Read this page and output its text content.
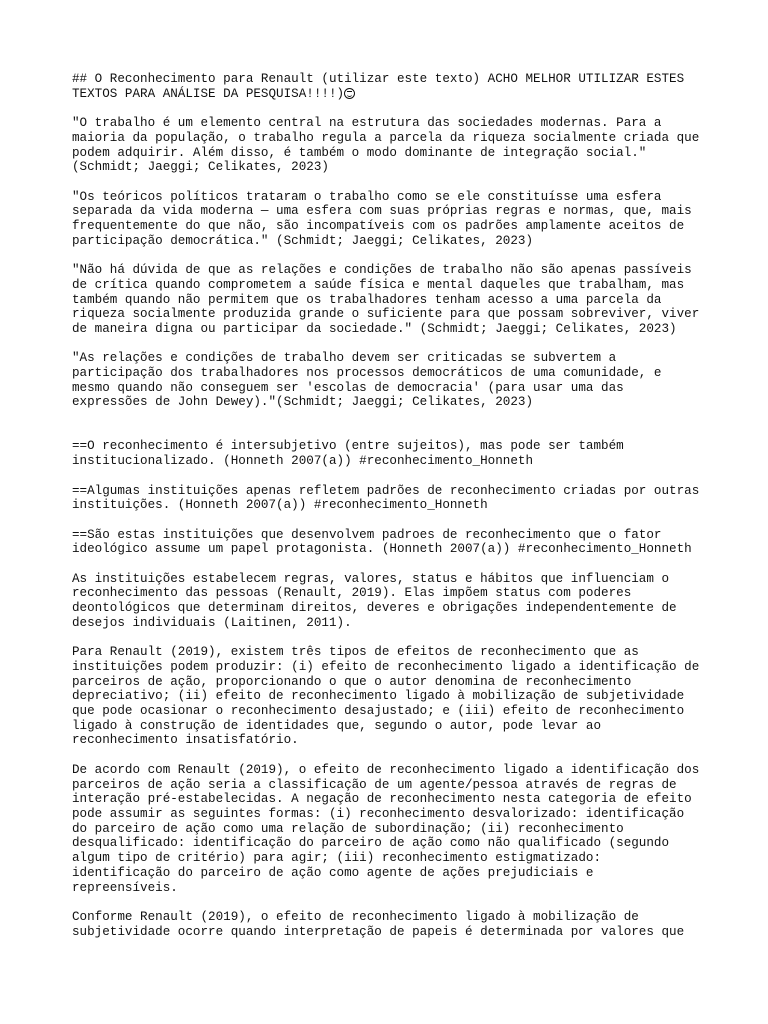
## O Reconhecimento para Renault (utilizar este texto) ACHO MELHOR UTILIZAR ESTES
TEXTOS PARA ANÁLISE DA PESQUISA!!!!)

"O trabalho é um elemento central na estrutura das sociedades modernas. Para a
maioria da população, o trabalho regula a parcela da riqueza socialmente criada que
podem adquirir. Além disso, é também o modo dominante de integração social."
(Schmidt; Jaeggi; Celikates, 2023)

"Os teóricos políticos trataram o trabalho como se ele constituísse uma esfera
separada da vida moderna — uma esfera com suas próprias regras e normas, que, mais
frequentemente do que não, são incompatíveis com os padrões amplamente aceitos de
participação democrática." (Schmidt; Jaeggi; Celikates, 2023)

"Não há dúvida de que as relações e condições de trabalho não são apenas passíveis
de crítica quando comprometem a saúde física e mental daqueles que trabalham, mas
também quando não permitem que os trabalhadores tenham acesso a uma parcela da
riqueza socialmente produzida grande o suficiente para que possam sobreviver, viver
de maneira digna ou participar da sociedade." (Schmidt; Jaeggi; Celikates, 2023)

"As relações e condições de trabalho devem ser criticadas se subvertem a
participação dos trabalhadores nos processos democráticos de uma comunidade, e
mesmo quando não conseguem ser 'escolas de democracia' (para usar uma das
expressões de John Dewey)."(Schmidt; Jaeggi; Celikates, 2023)

==O reconhecimento é intersubjetivo (entre sujeitos), mas pode ser também
institucionalizado. (Honneth 2007(a)) #reconhecimento_Honneth

==Algumas instituições apenas refletem padrões de reconhecimento criadas por outras
instituições. (Honneth 2007(a)) #reconhecimento_Honneth

==São estas instituições que desenvolvem padroes de reconhecimento que o fator
ideológico assume um papel protagonista. (Honneth 2007(a)) #reconhecimento_Honneth

As instituições estabelecem regras, valores, status e hábitos que influenciam o
reconhecimento das pessoas (Renault, 2019). Elas impõem status com poderes
deontológicos que determinam direitos, deveres e obrigações independentemente de
desejos individuais (Laitinen, 2011).

Para Renault (2019), existem três tipos de efeitos de reconhecimento que as
instituições podem produzir: (i) efeito de reconhecimento ligado a identificação de
parceiros de ação, proporcionando o que o autor denomina de reconhecimento
depreciativo; (ii) efeito de reconhecimento ligado à mobilização de subjetividade
que pode ocasionar o reconhecimento desajustado; e (iii) efeito de reconhecimento
ligado à construção de identidades que, segundo o autor, pode levar ao
reconhecimento insatisfatório.

De acordo com Renault (2019), o efeito de reconhecimento ligado a identificação dos
parceiros de ação seria a classificação de um agente/pessoa através de regras de
interação pré-estabelecidas. A negação de reconhecimento nesta categoria de efeito
pode assumir as seguintes formas: (i) reconhecimento desvalorizado: identificação
do parceiro de ação como uma relação de subordinação; (ii) reconhecimento
desqualificado: identificação do parceiro de ação como não qualificado (segundo
algum tipo de critério) para agir; (iii) reconhecimento estigmatizado:
identificação do parceiro de ação como agente de ações prejudiciais e
repreensíveis.

Conforme Renault (2019), o efeito de reconhecimento ligado à mobilização de
subjetividade ocorre quando interpretação de papeis é determinada por valores que
